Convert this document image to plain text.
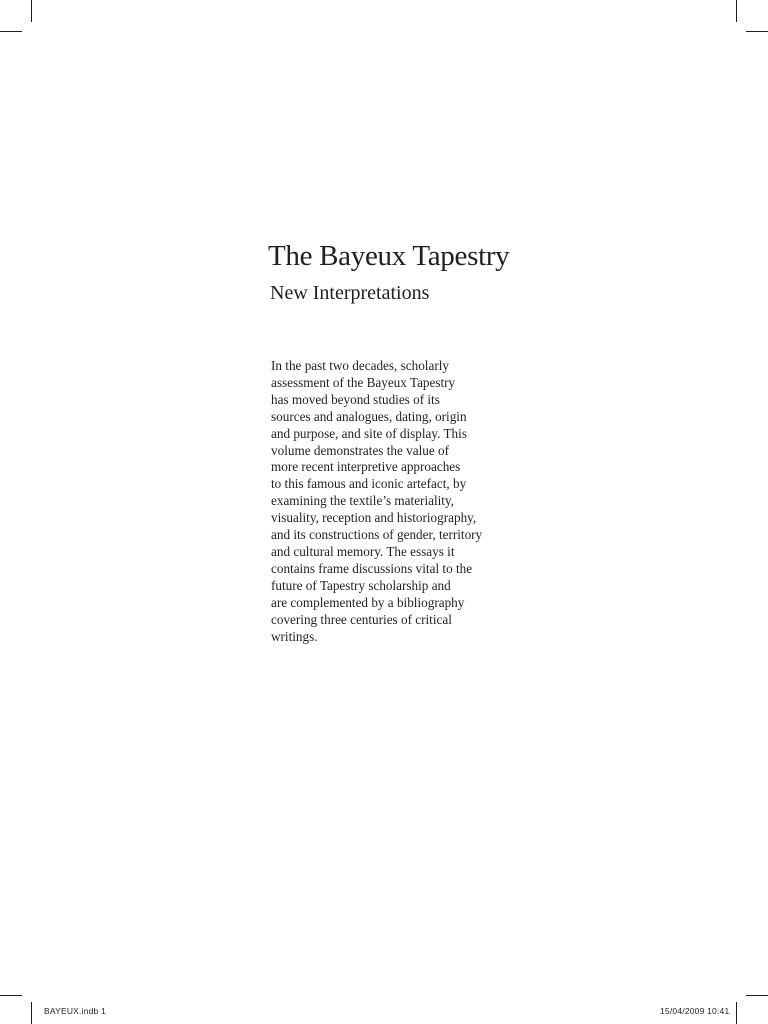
The Bayeux Tapestry
New Interpretations
In the past two decades, scholarly
assessment of the Bayeux Tapestry
has moved beyond studies of its
sources and analogues, dating, origin
and purpose, and site of display. This
volume demonstrates the value of
more recent interpretive approaches
to this famous and iconic artefact, by
examining the textile’s materiality,
visuality, reception and historiography,
and its constructions of gender, territory
and cultural memory. The essays it
contains frame discussions vital to the
future of Tapestry scholarship and
are complemented by a bibliography
covering three centuries of critical
writings.
BAYEUX.indb 1	15/04/2009 10:41
